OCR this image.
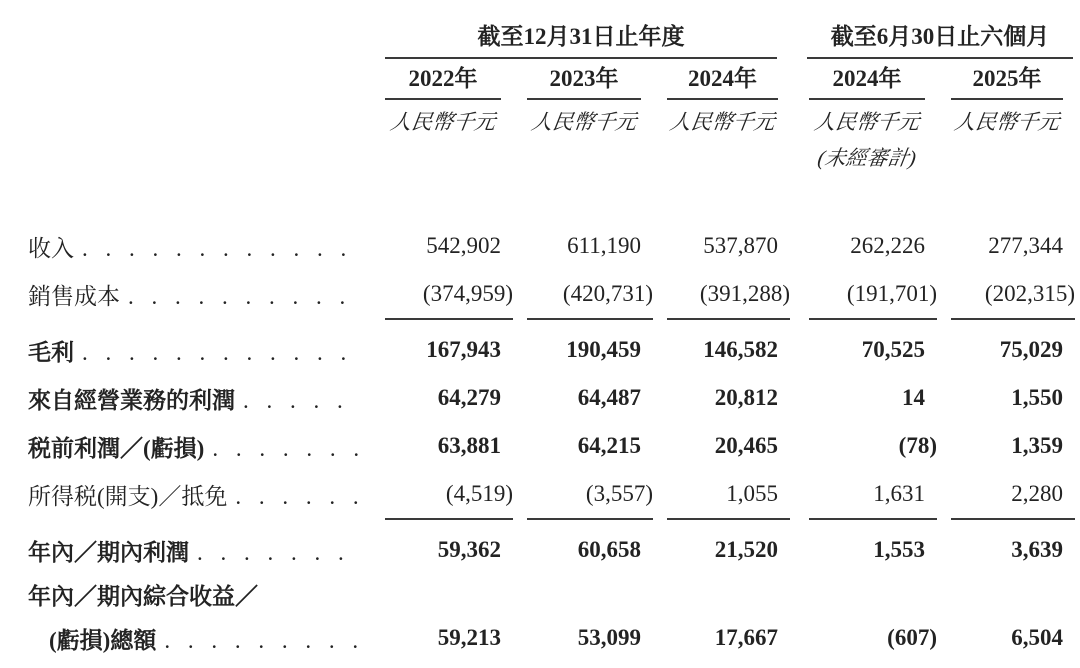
截至12月31日止年度	截至6月30日止六個月
2022年	2023年	2024年	2024年	2025年
人民幣千元 人民幣千元 人民幣千元 人民幣千元 人民幣千元
(未經審計)
收入 . . .	542,902	611,190	537,870	262,226	277,344
銷售成本 . . .	(374,959)	(420,731)	(391,288)	(191,701)	(202,315)
毛利 . . .	167,943	190,459	146,582	70,525	75,029
來自經營業務的利潤 . . .	64,279	64,487	20,812	14	1,550
税前利潤／(虧損) . . .	63,881	64,215	20,465	(78)	1,359
所得税(開支)／抵免 . . .	(4,519)	(3,557)	1,055	1,631	2,280
年內／期內利潤 . . .	59,362	60,658	21,520	1,553	3,639
年內／期內綜合收益／
(虧損)總額 . . .	59,213	53,099	17,667	(607)	6,504
